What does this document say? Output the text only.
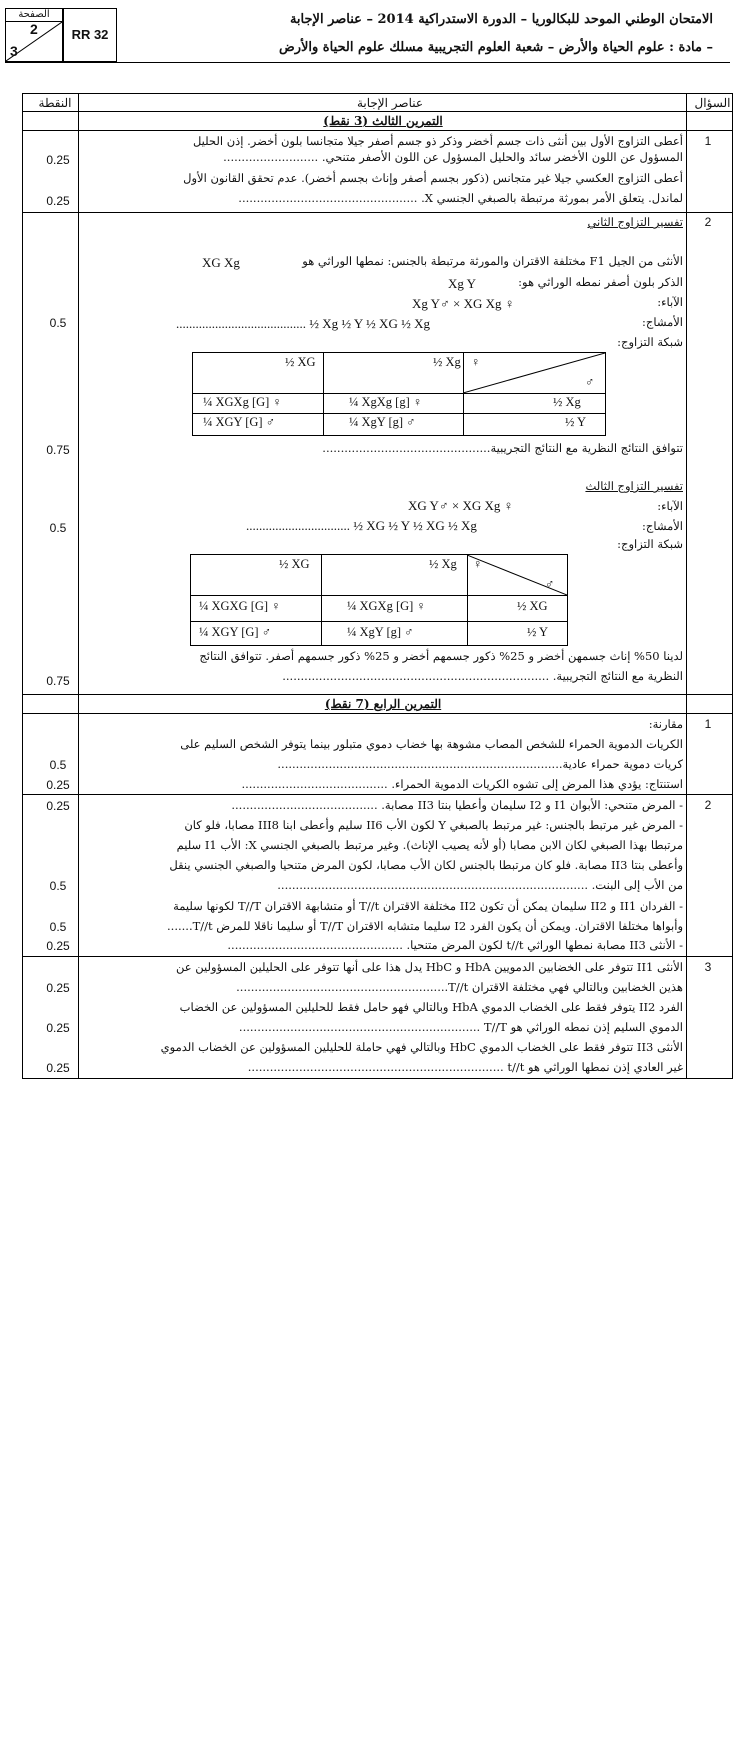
الصفحة
2
3
RR 32
الامتحان الوطني الموحد للبكالوريا – الدورة الاستدراكية 2014 – عناصر الإجابة
– مادة : علوم الحياة والأرض – شعبة العلوم التجريبية مسلك علوم الحياة والأرض
النقطة	عناصر الإجابة	السؤال
التمرين الثالث (3 نقط)
1
أعطى التزاوج الأول بين أنثى ذات جسم أخضر وذكر ذو جسم أصفر جيلا متجانسا بلون أخضر. إذن الحليل
المسؤول عن اللون الأخضر سائد والحليل المسؤول عن اللون الأصفر متنحي. ..........................
أعطى التزاوج العكسي جيلا غير متجانس (ذكور بجسم أصفر وإناث بجسم أخضر). عدم تحقق القانون الأول
لماندل. يتعلق الأمر بمورثة مرتبطة بالصبغي الجنسي X. .................................................
0.25
0.25
2
تفسير التزاوج الثاني
الأنثى من الجيل F1 مختلفة الاقتران والمورثة مرتبطة بالجنس: نمطها الوراثي هو
XG Xg
الذكر بلون أصفر نمطه الوراثي هو:
Xg Y
الآباء:
Xg Y♂ × XG Xg ♀
الأمشاج:
........................................ ½ Xg ½ Y ½ XG ½ Xg
0.5
شبكة التزاوج:
♀
♂
½ Xg
½ XG
½ Xg
½ Y
¼ XgXg [g] ♀
¼ XGXg [G] ♀
¼ XgY [g] ♂
¼ XGY [G] ♂
تتوافق النتائج النظرية مع النتائج التجريبية..............................................
0.75
تفسير التزاوج الثالث
الآباء:
XG Y♂ × XG Xg ♀
الأمشاج:
................................ ½ XG ½ Y ½ XG ½ Xg
0.5
شبكة التزاوج:
♀
♂
½ Xg
½ XG
½ XG
½ Y
¼ XGXg [G] ♀
¼ XGXG [G] ♀
¼ XgY [g] ♂
¼ XGY [G] ♂
لدينا 50% إناث جسمهن أخضر و 25% ذكور جسمهم أخضر و 25% ذكور جسمهم أصفر. تتوافق النتائج
النظرية مع النتائج التجريبية. .........................................................................
0.75
التمرين الرابع (7 نقط)
1
مقارنة:
الكريات الدموية الحمراء للشخص المصاب مشوهة بها خضاب دموي متبلور بينما يتوفر الشخص السليم على
كريات دموية حمراء عادية..............................................................................
استنتاج: يؤدي هذا المرض إلى تشوه الكريات الدموية الحمراء. ........................................
0.5
0.25
2
- المرض متنحي: الأبوان I1 و I2 سليمان وأعطيا بنتا II3 مصابة. ........................................
- المرض غير مرتبط بالجنس: غير مرتبط بالصبغي Y لكون الأب II6 سليم وأعطى ابنا III8 مصابا، فلو كان
مرتبطا بهذا الصبغي لكان الابن مصابا (أو لأنه يصيب الإناث). وغير مرتبط بالصبغي الجنسي X: الأب I1 سليم
وأعطى بنتا II3 مصابة. فلو كان مرتبطا بالجنس لكان الأب مصابا، لكون المرض متنحيا والصبغي الجنسي ينقل
من الأب إلى البنت. .....................................................................................
- الفردان II1 و II2 سليمان يمكن أن تكون II2 مختلفة الاقتران T//t أو متشابهة الاقتران T//T لكونها سليمة
وأبواها مختلفا الاقتران. ويمكن أن يكون الفرد I2 سليما متشابه الاقتران T//T أو سليما ناقلا للمرض T//t.......
- الأنثى II3 مصابة نمطها الوراثي t//t لكون المرض متنحيا. ................................................
0.25
0.5
0.5
0.25
3
الأنثى II1 تتوفر على الخضابين الدمويين HbA و HbC يدل هذا على أنها تتوفر على الحليلين المسؤولين عن
هذين الخضابين وبالتالي فهي مختلفة الاقتران T//t..........................................................
الفرد II2 يتوفر فقط على الخضاب الدموي HbA وبالتالي فهو حامل فقط للحليلين المسؤولين عن الخضاب
الدموي السليم إذن نمطه الوراثي هو T//T ..................................................................
الأنثى II3 تتوفر فقط على الخضاب الدموي HbC وبالتالي فهي حاملة للحليلين المسؤولين عن الخضاب الدموي
غير العادي إذن نمطها الوراثي هو t//t ......................................................................
0.25
0.25
0.25
